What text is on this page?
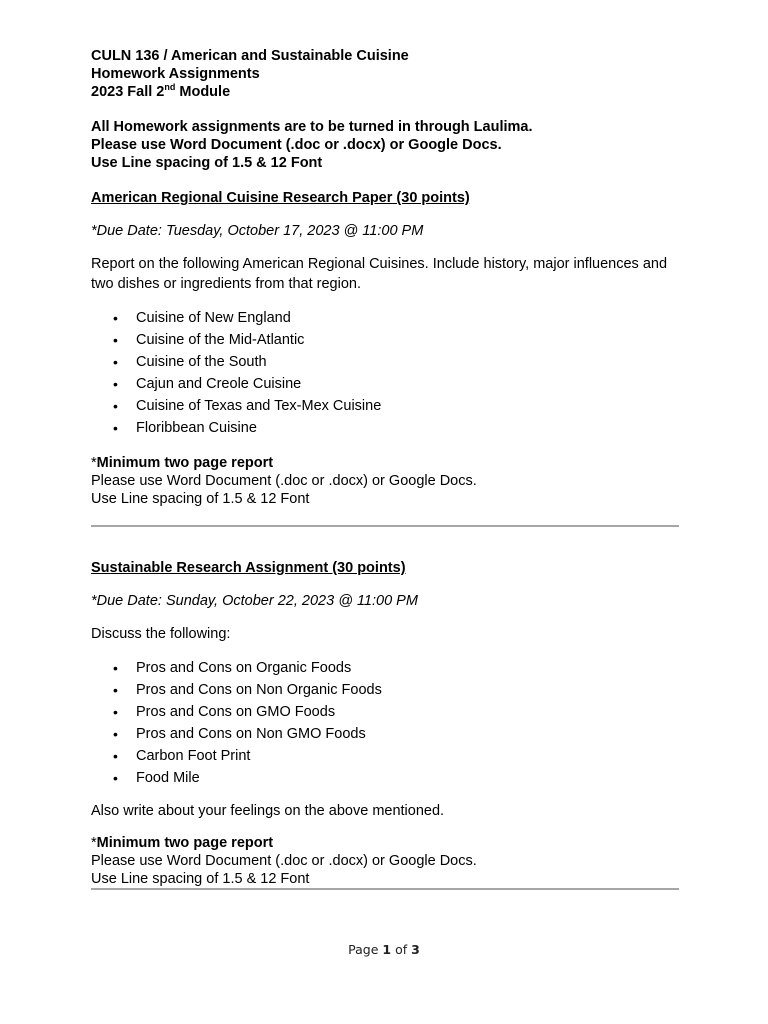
CULN 136 / American and Sustainable Cuisine
Homework Assignments
2023 Fall 2nd Module
All Homework assignments are to be turned in through Laulima.
Please use Word Document (.doc or .docx) or Google Docs.
Use Line spacing of 1.5 & 12 Font
American Regional Cuisine Research Paper (30 points)
*Due Date: Tuesday, October 17, 2023 @ 11:00 PM
Report on the following American Regional Cuisines. Include history, major influences and two dishes or ingredients from that region.
• Cuisine of New England
• Cuisine of the Mid-Atlantic
• Cuisine of the South
• Cajun and Creole Cuisine
• Cuisine of Texas and Tex-Mex Cuisine
• Floribbean Cuisine
*Minimum two page report
Please use Word Document (.doc or .docx) or Google Docs.
Use Line spacing of 1.5 & 12 Font
Sustainable Research Assignment (30 points)
*Due Date: Sunday, October 22, 2023 @ 11:00 PM
Discuss the following:
• Pros and Cons on Organic Foods
• Pros and Cons on Non Organic Foods
• Pros and Cons on GMO Foods
• Pros and Cons on Non GMO Foods
• Carbon Foot Print
• Food Mile
Also write about your feelings on the above mentioned.
*Minimum two page report
Please use Word Document (.doc or .docx) or Google Docs.
Use Line spacing of 1.5 & 12 Font
Page 1 of 3
